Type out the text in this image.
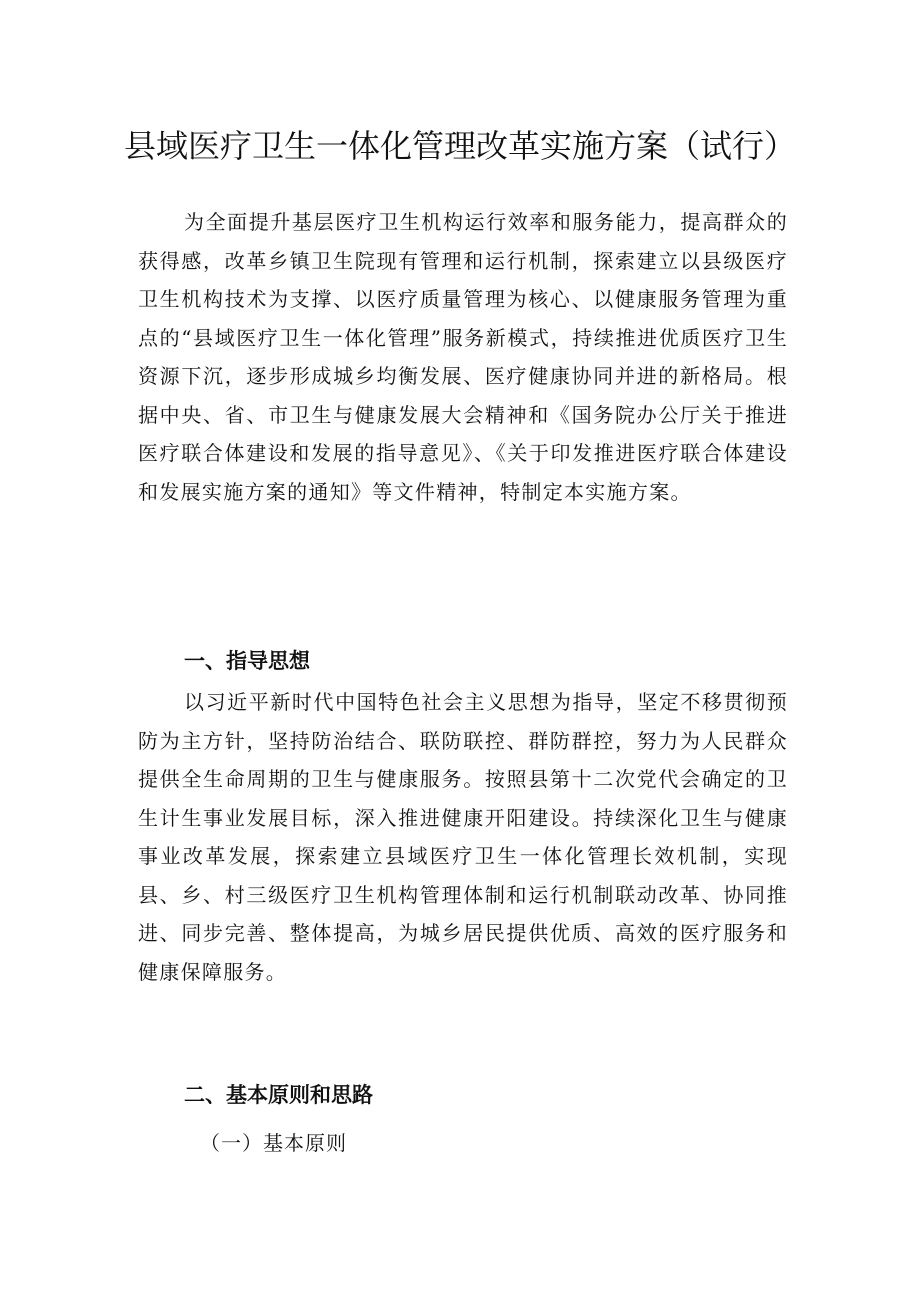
县域医疗卫生一体化管理改革实施方案（试行）

为全面提升基层医疗卫生机构运行效率和服务能力，提高群众的获得感，改革乡镇卫生院现有管理和运行机制，探索建立以县级医疗卫生机构技术为支撑、以医疗质量管理为核心、以健康服务管理为重点的“县域医疗卫生一体化管理”服务新模式，持续推进优质医疗卫生资源下沉，逐步形成城乡均衡发展、医疗健康协同并进的新格局。根据中央、省、市卫生与健康发展大会精神和《国务院办公厅关于推进医疗联合体建设和发展的指导意见》、《关于印发推进医疗联合体建设和发展实施方案的通知》等文件精神，特制定本实施方案。

一、指导思想

以习近平新时代中国特色社会主义思想为指导，坚定不移贯彻预防为主方针，坚持防治结合、联防联控、群防群控，努力为人民群众提供全生命周期的卫生与健康服务。按照县第十二次党代会确定的卫生计生事业发展目标，深入推进健康开阳建设。持续深化卫生与健康事业改革发展，探索建立县域医疗卫生一体化管理长效机制，实现县、乡、村三级医疗卫生机构管理体制和运行机制联动改革、协同推进、同步完善、整体提高，为城乡居民提供优质、高效的医疗服务和健康保障服务。

二、基本原则和思路
（一）基本原则
